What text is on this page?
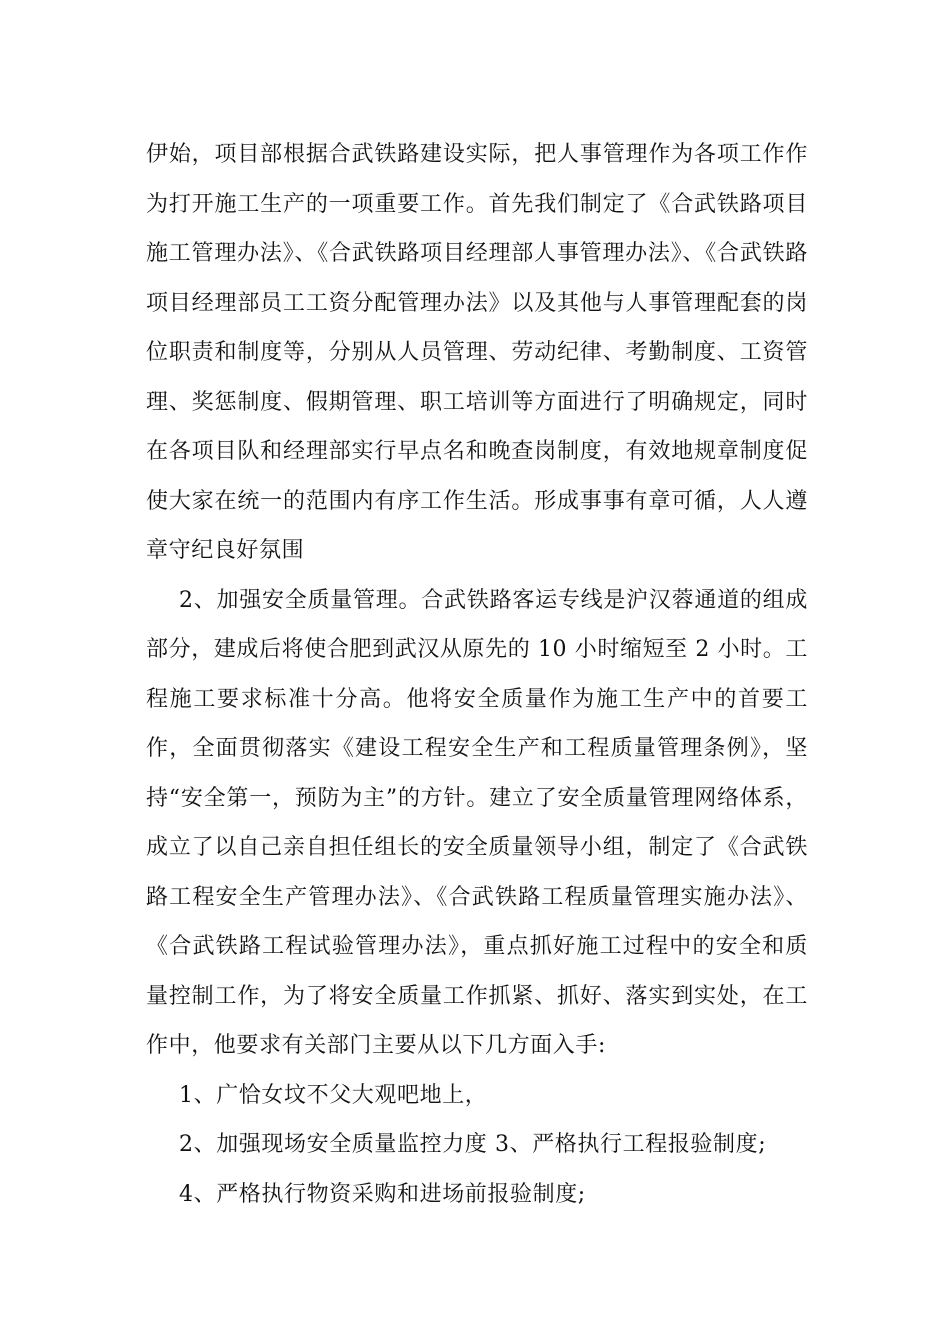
伊始，项目部根据合武铁路建设实际，把人事管理作为各项工作作为打开施工生产的一项重要工作。首先我们制定了《合武铁路项目施工管理办法》、《合武铁路项目经理部人事管理办法》、《合武铁路项目经理部员工工资分配管理办法》以及其他与人事管理配套的岗位职责和制度等，分别从人员管理、劳动纪律、考勤制度、工资管理、奖惩制度、假期管理、职工培训等方面进行了明确规定，同时在各项目队和经理部实行早点名和晚查岗制度，有效地规章制度促使大家在统一的范围内有序工作生活。形成事事有章可循，人人遵章守纪良好氛围

2、加强安全质量管理。合武铁路客运专线是沪汉蓉通道的组成部分，建成后将使合肥到武汉从原先的 10 小时缩短至 2 小时。工程施工要求标准十分高。他将安全质量作为施工生产中的首要工作，全面贯彻落实《建设工程安全生产和工程质量管理条例》，坚持“安全第一，预防为主”的方针。建立了安全质量管理网络体系，成立了以自己亲自担任组长的安全质量领导小组，制定了《合武铁路工程安全生产管理办法》、《合武铁路工程质量管理实施办法》、《合武铁路工程试验管理办法》，重点抓好施工过程中的安全和质量控制工作，为了将安全质量工作抓紧、抓好、落实到实处，在工作中，他要求有关部门主要从以下几方面入手:

1、广恰女坟不父大观吧地上，

2、加强现场安全质量监控力度 3、严格执行工程报验制度;

4、严格执行物资采购和进场前报验制度;
